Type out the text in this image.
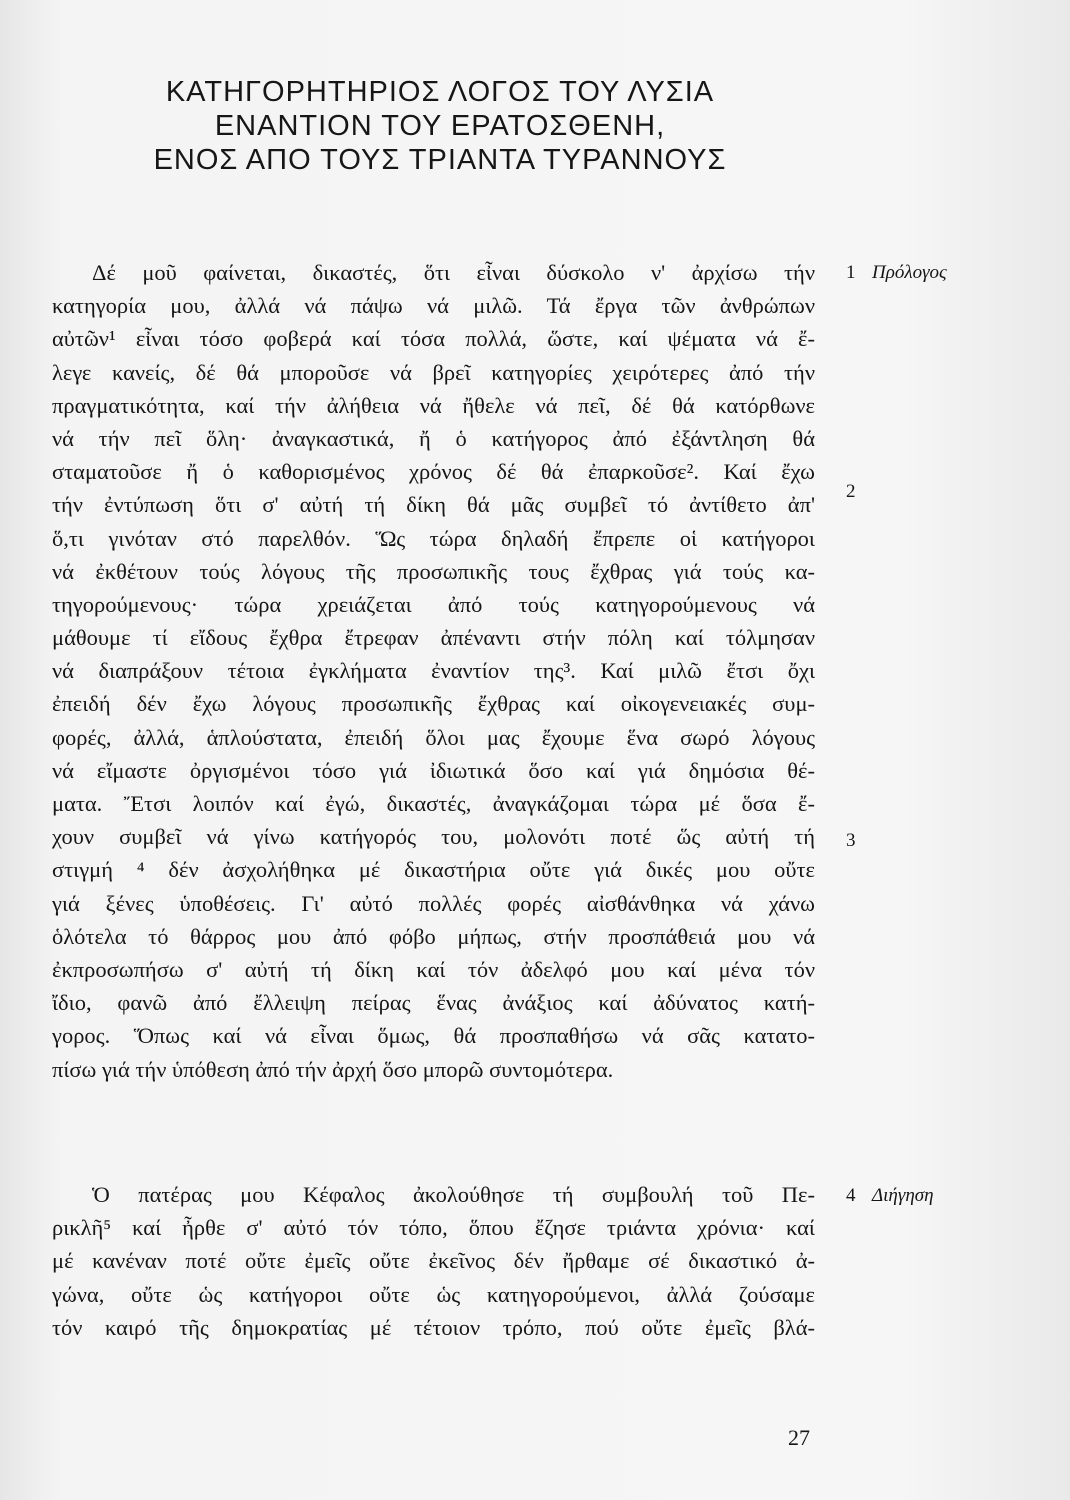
ΚΑΤΗΓΟΡΗΤΗΡΙΟΣ ΛΟΓΟΣ ΤΟΥ ΛΥΣΙΑ
ΕΝΑΝΤΙΟΝ ΤΟΥ ΕΡΑΤΟΣΘΕΝΗ,
ΕΝΟΣ ΑΠΟ ΤΟΥΣ ΤΡΙΑΝΤΑ ΤΥΡΑΝΝΟΥΣ
Δέ μοῦ φαίνεται, δικαστές, ὅτι εἶναι δύσκολο ν' ἀρχίσω τήν
κατηγορία μου, ἀλλά νά πάψω νά μιλῶ. Τά ἔργα τῶν ἀνθρώπων
αὐτῶν¹ εἶναι τόσο φοβερά καί τόσα πολλά, ὥστε, καί ψέματα νά ἔ-
λεγε κανείς, δέ θά μποροῦσε νά βρεῖ κατηγορίες χειρότερες ἀπό τήν
πραγματικότητα, καί τήν ἀλήθεια νά ἤθελε νά πεῖ, δέ θά κατόρθωνε
νά τήν πεῖ ὅλη· ἀναγκαστικά, ἤ ὁ κατήγορος ἀπό ἐξάντληση θά
σταματοῦσε ἤ ὁ καθορισμένος χρόνος δέ θά ἐπαρκοῦσε². Καί ἔχω
τήν ἐντύπωση ὅτι σ' αὐτή τή δίκη θά μᾶς συμβεῖ τό ἀντίθετο ἀπ'
ὅ,τι γινόταν στό παρελθόν. Ὥς τώρα δηλαδή ἔπρεπε οἱ κατήγοροι
νά ἐκθέτουν τούς λόγους τῆς προσωπικῆς τους ἔχθρας γιά τούς κα-
τηγορούμενους· τώρα χρειάζεται ἀπό τούς κατηγορούμενους νά
μάθουμε τί εἴδους ἔχθρα ἔτρεφαν ἀπέναντι στήν πόλη καί τόλμησαν
νά διαπράξουν τέτοια ἐγκλήματα ἐναντίον της³. Καί μιλῶ ἔτσι ὄχι
ἐπειδή δέν ἔχω λόγους προσωπικῆς ἔχθρας καί οἰκογενειακές συμ-
φορές, ἀλλά, ἁπλούστατα, ἐπειδή ὅλοι μας ἔχουμε ἕνα σωρό λόγους
νά εἴμαστε ὀργισμένοι τόσο γιά ἰδιωτικά ὅσο καί γιά δημόσια θέ-
ματα. Ἔτσι λοιπόν καί ἐγώ, δικαστές, ἀναγκάζομαι τώρα μέ ὅσα ἔ-
χουν συμβεῖ νά γίνω κατήγορός του, μολονότι ποτέ ὥς αὐτή τή
στιγμή ⁴ δέν ἀσχολήθηκα μέ δικαστήρια οὔτε γιά δικές μου οὔτε
γιά ξένες ὑποθέσεις. Γι' αὐτό πολλές φορές αἰσθάνθηκα νά χάνω
ὁλότελα τό θάρρος μου ἀπό φόβο μήπως, στήν προσπάθειά μου νά
ἐκπροσωπήσω σ' αὐτή τή δίκη καί τόν ἀδελφό μου καί μένα τόν
ἴδιο, φανῶ ἀπό ἔλλειψη πείρας ἕνας ἀνάξιος καί ἀδύνατος κατή-
γορος. Ὅπως καί νά εἶναι ὅμως, θά προσπαθήσω νά σᾶς κατατο-
πίσω γιά τήν ὑπόθεση ἀπό τήν ἀρχή ὅσο μπορῶ συντομότερα.
Ὁ πατέρας μου Κέφαλος ἀκολούθησε τή συμβουλή τοῦ Πε-
ρικλῆ⁵ καί ἦρθε σ' αὐτό τόν τόπο, ὅπου ἔζησε τριάντα χρόνια· καί
μέ κανέναν ποτέ οὔτε ἐμεῖς οὔτε ἐκεῖνος δέν ἤρθαμε σέ δικαστικό ἀ-
γώνα, οὔτε ὡς κατήγοροι οὔτε ὡς κατηγορούμενοι, ἀλλά ζούσαμε
τόν καιρό τῆς δημοκρατίας μέ τέτοιον τρόπο, πού οὔτε ἐμεῖς βλά-
1 Πρόλογος
2
3
4 Διήγηση
27
